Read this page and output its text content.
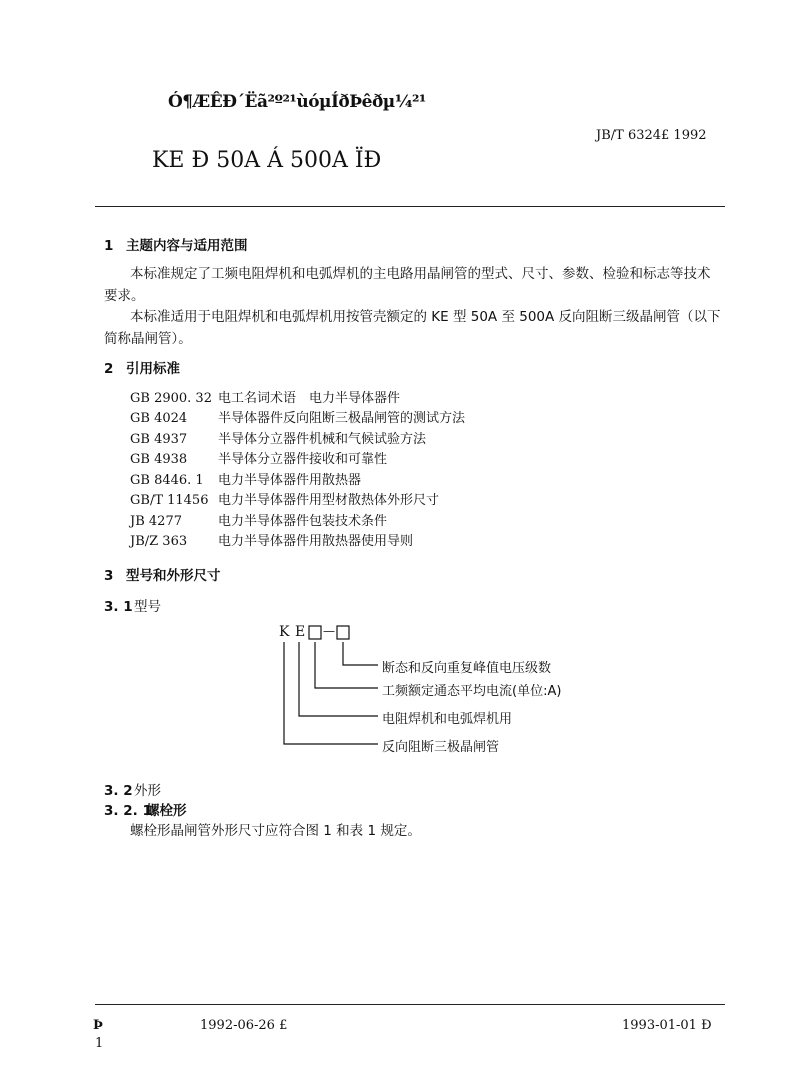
Ó¶ÆÊÐ´Ëã²º²¹ùóµÍðÞêðµ¼²¹
JB/T 6324£ 1992
KE Ð 50A Á 500A ÏÐ
1 主题内容与适用范围
本标准规定了工频电阻焊机和电弧焊机的主电路用晶闸管的型式、尺寸、参数、检验和标志等技术
要求。
本标准适用于电阻焊机和电弧焊机用按管壳额定的 KE 型 50A 至 500A 反向阻断三级晶闸管（以下
简称晶闸管）。
2 引用标准
GB 2900. 32 电工名词术语　电力半导体器件
GB 4024 半导体器件反向阻断三极晶闸管的测试方法
GB 4937 半导体分立器件机械和气候试验方法
GB 4938 半导体分立器件接收和可靠性
GB 8446. 1 电力半导体器件用散热器
GB/T 11456 电力半导体器件用型材散热体外形尺寸
JB 4277	电力半导体器件包装技术条件
JB/Z 363 电力半导体器件用散热器使用导则
3 型号和外形尺寸
3. 1型号
K E —
断态和反向重复峰值电压级数
工频额定通态平均电流(单位:A)
电阻焊机和电弧焊机用
反向阻断三极晶闸管
3. 2外形
3. 2. 1螺栓形
螺栓形晶闸管外形尺寸应符合图 1 和表 1 规定。
Þ	1992-06-26 £	1993-01-01 Ð
1
